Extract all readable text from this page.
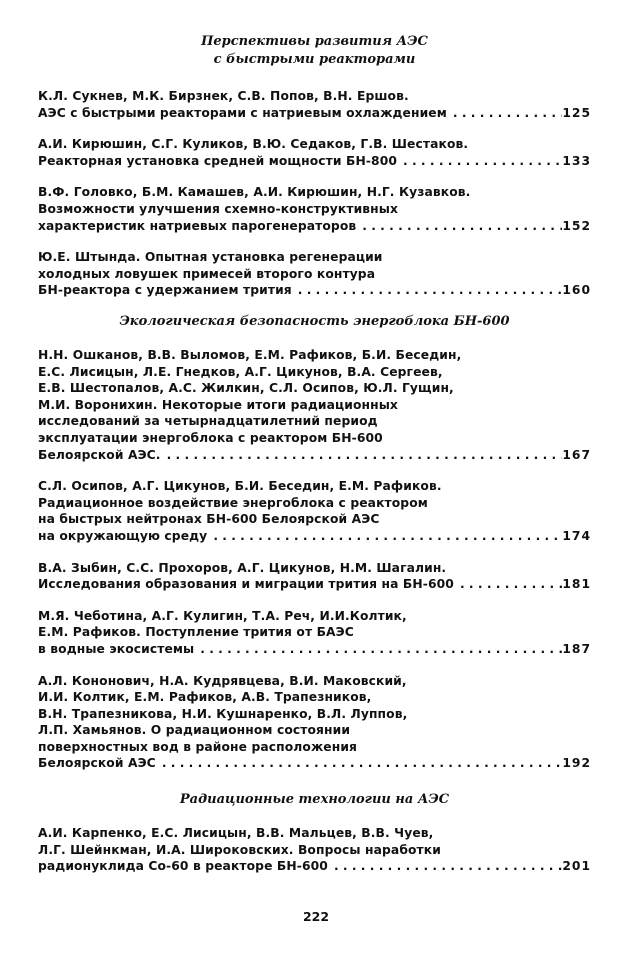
Перспективы развития АЭС
с быстрыми реакторами
К.Л. Сукнев, М.К. Бирзнек, С.В. Попов, В.Н. Ершов.
АЭС с быстрыми реакторами с натриевым охлаждением . . .	125
А.И. Кирюшин, С.Г. Куликов, В.Ю. Седаков, Г.В. Шестаков.
Реакторная установка средней мощности БН-800 . . .	133
В.Ф. Головко, Б.М. Камашев, А.И. Кирюшин, Н.Г. Кузавков.
Возможности улучшения схемно-конструктивных
характеристик натриевых парогенераторов . . .	152
Ю.Е. Штында. Опытная установка регенерации
холодных ловушек примесей второго контура
БН-реактора с удержанием трития . . .	160
Экологическая безопасность энергоблока БН-600
Н.Н. Ошканов, В.В. Выломов, Е.М. Рафиков, Б.И. Беседин,
Е.С. Лисицын, Л.Е. Гнедков, А.Г. Цикунов, В.А. Сергеев,
Е.В. Шестопалов, А.С. Жилкин, С.Л. Осипов, Ю.Л. Гущин,
М.И. Воронихин. Некоторые итоги радиационных
исследований за четырнадцатилетний период
эксплуатации энергоблока с реактором БН-600
Белоярской АЭС. . . .	167
С.Л. Осипов, А.Г. Цикунов, Б.И. Беседин, Е.М. Рафиков.
Радиационное воздействие энергоблока с реактором
на быстрых нейтронах БН-600 Белоярской АЭС
на окружающую среду . . .	174
В.А. Зыбин, С.С. Прохоров, А.Г. Цикунов, Н.М. Шагалин.
Исследования образования и миграции трития на БН-600 . . .	181
М.Я. Чеботина, А.Г. Кулигин, Т.А. Реч, И.И.Колтик,
Е.М. Рафиков. Поступление трития от БАЭС
в водные экосистемы . . .	187
А.Л. Кононович, Н.А. Кудрявцева, В.И. Маковский,
И.И. Колтик, Е.М. Рафиков, А.В. Трапезников,
В.Н. Трапезникова, Н.И. Кушнаренко, В.Л. Луппов,
Л.П. Хамьянов. О радиационном состоянии
поверхностных вод в районе расположения
Белоярской АЭС . . .	192
Радиационные технологии на АЭС
А.И. Карпенко, Е.С. Лисицын, В.В. Мальцев, В.В. Чуев,
Л.Г. Шейнкман, И.А. Широковских. Вопросы наработки
радионуклида Со-60 в реакторе БН-600 . . .	201
222
